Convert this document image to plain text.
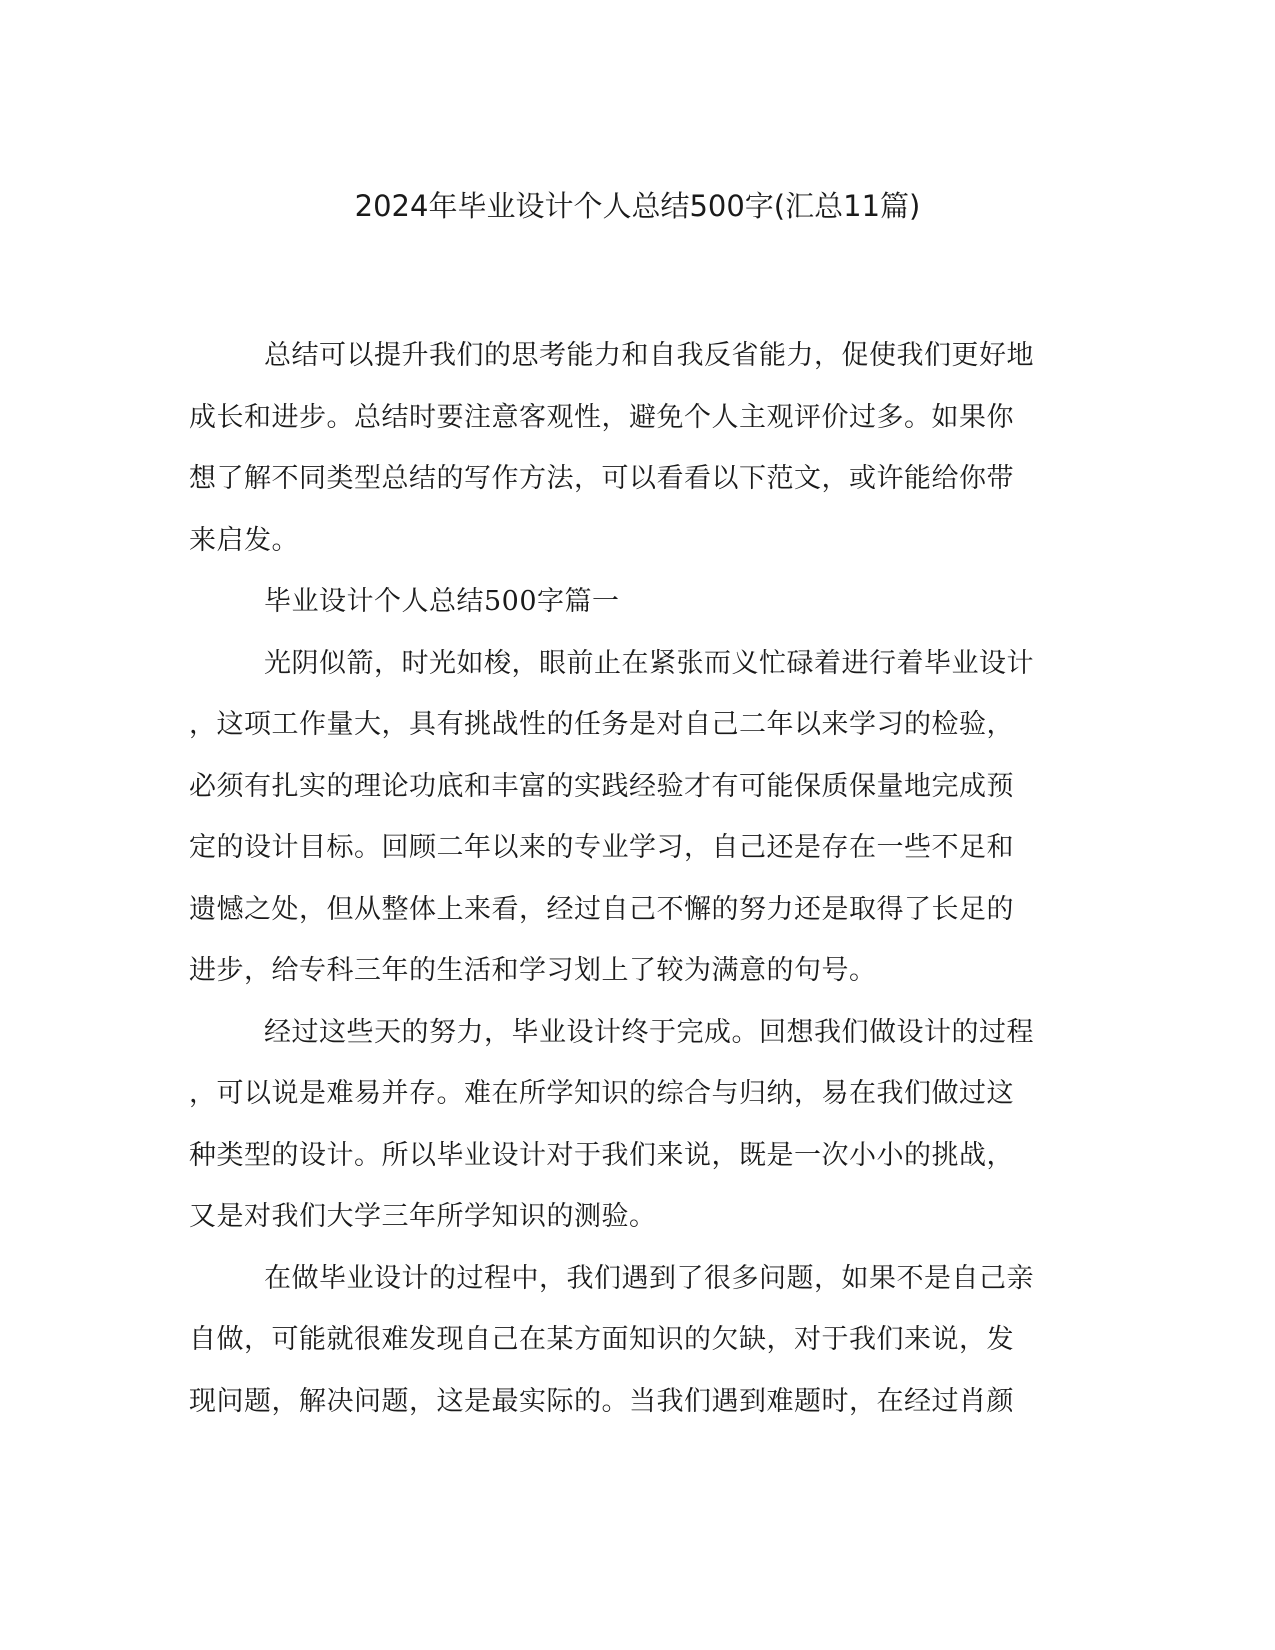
2024年毕业设计个人总结500字(汇总11篇)
总结可以提升我们的思考能力和自我反省能力，促使我们更好地
成长和进步。总结时要注意客观性，避免个人主观评价过多。如果你
想了解不同类型总结的写作方法，可以看看以下范文，或许能给你带
来启发。
毕业设计个人总结500字篇一
光阴似箭，时光如梭，眼前止在紧张而义忙碌着进行着毕业设计
，这项工作量大，具有挑战性的任务是对自己二年以来学习的检验，
必须有扎实的理论功底和丰富的实践经验才有可能保质保量地完成预
定的设计目标。回顾二年以来的专业学习，自己还是存在一些不足和
遗憾之处，但从整体上来看，经过自己不懈的努力还是取得了长足的
进步，给专科三年的生活和学习划上了较为满意的句号。
经过这些天的努力，毕业设计终于完成。回想我们做设计的过程
，可以说是难易并存。难在所学知识的综合与归纳，易在我们做过这
种类型的设计。所以毕业设计对于我们来说，既是一次小小的挑战，
又是对我们大学三年所学知识的测验。
在做毕业设计的过程中，我们遇到了很多问题，如果不是自己亲
自做，可能就很难发现自己在某方面知识的欠缺，对于我们来说，发
现问题，解决问题，这是最实际的。当我们遇到难题时，在经过肖颜
